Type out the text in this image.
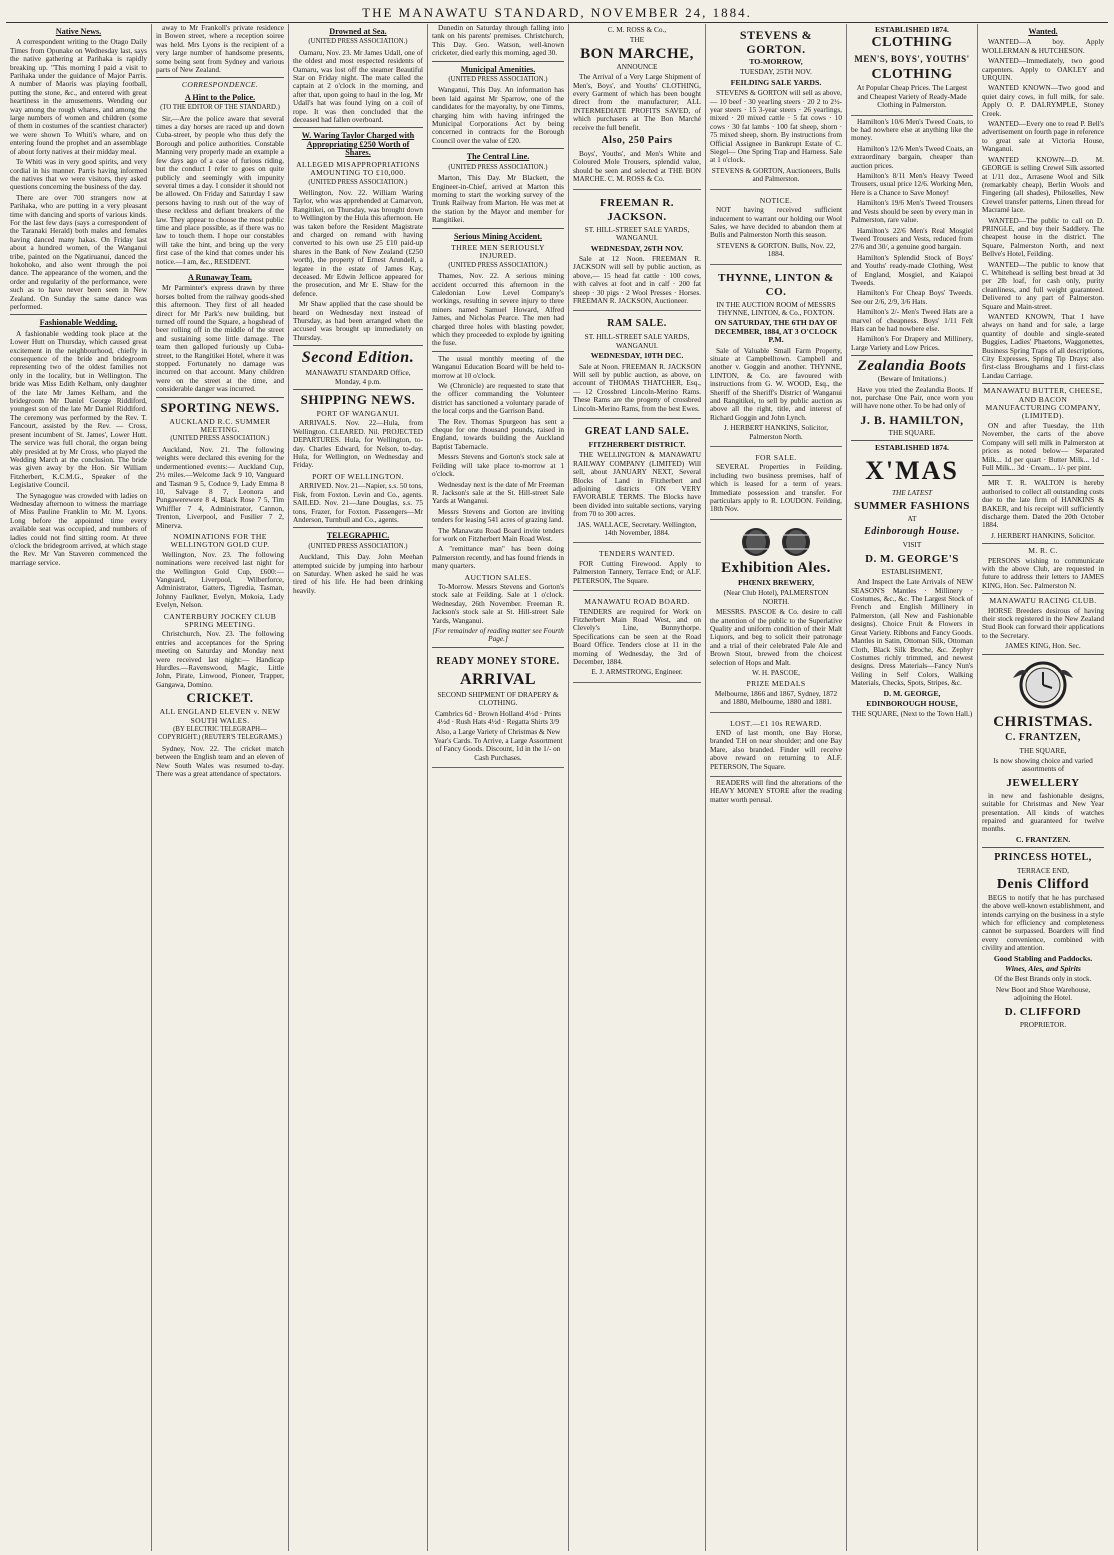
THE MANAWATU STANDARD, NOVEMBER 24, 1884.
Native News.

A correspondent writing to the Otago Daily Times from Opunake on Wednesday last, says the native gathering at Parihaka is rapidly breaking up. "This morning I paid a visit to Parihaka under the guidance of Major Parris. A number of Maoris was playing football, putting the stone, &c., and entered with great heartiness in the amusements. Wending our way among the rough whares, and among the large numbers of women and children (some of them in costumes of the scantiest character) we were shown To Whiti's whare, and on entering found the prophet and an assemblage of about forty natives at their midday meal.

Te Whiti was in very good spirits, and very cordial in his manner. Parris having informed the natives that we were visitors, they asked questions concerning the business of the day.

There are over 700 strangers now at Parihaka, who are putting in a very pleasant time with dancing and sports of various kinds. For the last few days (says a correspondent of the Taranaki Herald) both males and females having danced many hakas. On Friday last about a hundred women, of the Wanganui tribe, painted on the Ngatiruanui, danced the hokohoko, and also went through the poi dance. The appearance of the women, and the order and regularity of the performance, were such as to have never been seen in New Zealand. On Sunday the same dance was performed.

Fashionable Wedding.

A fashionable wedding took place at the Lower Hutt on Thursday, which caused great excitement in the neighbourhood, chiefly in consequence of the bride and bridegroom representing two of the oldest families not only in the locality, but in Wellington. The bride was Miss Edith Kelham, only daughter of the late Mr James Kelham, and the bridegroom Mr Daniel George Riddiford, youngest son of the late Mr Daniel Riddiford. The ceremony was performed by the Rev. T. Fancourt, assisted by the Rev. — Cross, present incumbent of St. James', Lower Hutt. The service was full choral, the organ being ably presided at by Mr Cross, who played the Wedding March at the conclusion. The bride was given away by the Hon. Sir William Fitzherbert, K.C.M.G., Speaker of the Legislative Council.

The Synagogue was crowded with ladies on Wednesday afternoon to witness the marriage of Miss Pauline Franklin to Mr. M. Lyons. Long before the appointed time every available seat was occupied, and numbers of ladies could not find sitting room. At three o'clock the bridegroom arrived, at which stage the Rev. Mr Van Staveren commenced the marriage service.

away to Mr Frankoll's private residence in Bowen street, where a reception soiree was held. Mrs Lyons is the recipient of a very large number of handsome presents, some being sent from Sydney and various parts of New Zealand.

CORRESPONDENCE.
A Hint to the Police.
(TO THE EDITOR OF THE STANDARD.)

Sir,—Are the police aware that several times a day horses are raced up and down Cuba-street, by people who thus defy the Borough and police authorities. Constable Manning very properly made an example a few days ago of a case of furious riding, but the conduct I refer to goes on quite publicly and seemingly with impunity several times a day. I consider it should not be allowed. On Friday and Saturday I saw persons having to rush out of the way of these reckless and defiant breakers of the law. They appear to choose the most public time and place possible, as if there was no law to touch them. I hope our constables will take the hint, and bring up the very first case of the kind that comes under his notice.—I am, &c., RESIDENT.

A Runaway Team.

Mr Parminter's express drawn by three horses bolted from the railway goods-shed this afternoon. They first of all headed direct for Mr Park's new building, but turned off round the Square, a hogshead of beer rolling off in the middle of the street and sustaining some little damage. The team then galloped furiously up Cuba-street, to the Rangitikei Hotel, where it was stopped. Fortunately no damage was incurred on that account. Many children were on the street at the time, and considerable danger was incurred.

SPORTING NEWS.
AUCKLAND R.C. SUMMER MEETING.
(UNITED PRESS ASSOCIATION.)

Auckland, Nov. 21. The following weights were declared this evening for the undermentioned events:— Auckland Cup, 2½ miles.—Welcome Jack 9 10, Vanguard and Tasman 9 5, Coduce 9, Lady Emma 8 10, Salvage 8 7, Leonora and Pungawerewere 8 4, Black Rose 7 5, Tim Whiffler 7 4, Administrator, Cannon, Trenton, Liverpool, and Fusilier 7 2, Minerva.

NOMINATIONS FOR THE WELLINGTON GOLD CUP.

Wellington, Nov. 23. The following nominations were received last night for the Wellington Gold Cup, £600:—Vanguard, Liverpool, Wilberforce, Administrator, Gatters, Tigredia, Tasman, Johnny Faulkner, Evelyn, Mokoia, Lady Evelyn, Nelson.

CANTERBURY JOCKEY CLUB SPRING MEETING.

Christchurch, Nov. 23. The following entries and acceptances for the Spring meeting on Saturday and Monday next were received last night:— Handicap Hurdles.—Ravenswood, Magic, Little John, Pirate, Linwood, Pioneer, Trapper, Gangawa, Domino.

CRICKET.
ALL ENGLAND ELEVEN v. NEW SOUTH WALES.
(BY ELECTRIC TELEGRAPH—COPYRIGHT.) (REUTER'S TELEGRAMS.)

Sydney, Nov. 22. The cricket match between the English team and an eleven of New South Wales was resumed to-day. There was a great attendance of spectators.

Drowned at Sea.
(UNITED PRESS ASSOCIATION.)

Oamaru, Nov. 23. Mr James Udall, one of the oldest and most respected residents of Oamaru, was lost off the steamer Beautiful Star on Friday night. The mate called the captain at 2 o'clock in the morning, and after that, upon going to haul in the log, Mr Udall's hat was found lying on a coil of rope. It was then concluded that the deceased had fallen overboard.

W. Waring Taylor Charged with Appropriating £250 Worth of Shares.
ALLEGED MISAPPROPRIATIONS AMOUNTING TO £10,000.
(UNITED PRESS ASSOCIATION.)

Wellington, Nov. 22. William Waring Taylor, who was apprehended at Carnarvon, Rangitikei, on Thursday, was brought down to Wellington by the Hula this afternoon. He was taken before the Resident Magistrate and charged on remand with having converted to his own use 25 £10 paid-up shares in the Bank of New Zealand (£250 worth), the property of Ernest Arundell, a legatee in the estate of James Kay, deceased. Mr Edwin Jellicoe appeared for the prosecution, and Mr E. Shaw for the defence.

Mr Shaw applied that the case should be heard on Wednesday next instead of Thursday, as had been arranged when the accused was brought up immediately on Thursday.

Second Edition.

MANAWATU STANDARD Office, Monday, 4 p.m.

SHIPPING NEWS.
PORT OF WANGANUI.

ARRIVALS. Nov. 22—Hula, from Wellington. CLEARED. Nil. PROJECTED DEPARTURES. Hula, for Wellington, to-day. Charles Edward, for Nelson, to-day. Hula, for Wellington, on Wednesday and Friday.

PORT OF WELLINGTON.

ARRIVED. Nov. 21—Napier, s.s. 50 tons, Fisk, from Foxton. Levin and Co., agents. SAILED. Nov. 21—Jane Douglas, s.s. 75 tons, Frazer, for Foxton. Passengers—Mr Anderson, Turnbull and Co., agents.

TELEGRAPHIC.
(UNITED PRESS ASSOCIATION.)

Auckland, This Day. John Meehan attempted suicide by jumping into harbour on Saturday. When asked he said he was tired of his life. He had been drinking heavily.

Dunedin on Saturday through falling into tank on his parents' premises. Christchurch, This Day. Geo. Watson, well-known cricketer, died early this morning, aged 30.

Municipal Amenities.
(UNITED PRESS ASSOCIATION.)

Wanganui, This Day. An information has been laid against Mr Sparrow, one of the candidates for the mayoralty, by one Timms, charging him with having infringed the Municipal Corporations Act by being concerned in contracts for the Borough Council over the value of £20.

The Central Line.
(UNITED PRESS ASSOCIATION.)

Marton, This Day. Mr Blackett, the Engineer-in-Chief, arrived at Marton this morning to start the working survey of the Trunk Railway from Marton. He was met at the station by the Mayor and member for Rangitikei.

Serious Mining Accident.
THREE MEN SERIOUSLY INJURED.
(UNITED PRESS ASSOCIATION.)

Thames, Nov. 22. A serious mining accident occurred this afternoon in the Caledonian Low Level Company's workings, resulting in severe injury to three miners named Samuel Howard, Alfred James, and Nicholas Pearce. The men had charged three holes with blasting powder, which they proceeded to explode by igniting the fuse.

The usual monthly meeting of the Wanganui Education Board will be held to-morrow at 10 o'clock.

We (Chronicle) are requested to state that the officer commanding the Volunteer district has sanctioned a voluntary parade of the local corps and the Garrison Band.

The Rev. Thomas Spurgeon has sent a cheque for one thousand pounds, raised in England, towards building the Auckland Baptist Tabernacle.

Messrs Stevens and Gorton's stock sale at Feilding will take place to-morrow at 1 o'clock.

Wednesday next is the date of Mr Freeman R. Jackson's sale at the St. Hill-street Sale Yards at Wanganui.

Messrs Stevens and Gorton are inviting tenders for leasing 541 acres of grazing land.

The Manawatu Road Board invite tenders for work on Fitzherbert Main Road West.

A "remittance man" has been doing Palmerston recently, and has found friends in many quarters.

AUCTION SALES.

To-Morrow. Messrs Stevens and Gorton's stock sale at Feilding. Sale at 1 o'clock. Wednesday, 26th November. Freeman R. Jackson's stock sale at St. Hill-street Sale Yards, Wanganui.

[For remainder of reading matter see Fourth Page.]

READY MONEY STORE.
ARRIVAL

SECOND SHIPMENT OF DRAPERY & CLOTHING.

Cambrics 6d · Brown Holland 4½d · Prints 4½d · Rush Hats 4½d · Regatta Shirts 3/9

Also, a Large Variety of Christmas & New Year's Cards. To Arrive, a Large Assortment of Fancy Goods. Discount, 1d in the 1/- on Cash Purchases.

C. M. ROSS & Co.,

THE

BON MARCHE,

ANNOUNCE

The Arrival of a Very Large Shipment of Men's, Boys', and Youths' CLOTHING, every Garment of which has been bought direct from the manufacturer; ALL INTERMEDIATE PROFITS SAVED, of which purchasers at The Bon Marché receive the full benefit.

Also, 250 Pairs

Boys', Youths', and Men's White and Coloured Mole Trousers, splendid value, should be seen and selected at THE BON MARCHE. C. M. ROSS & Co.

FREEMAN R. JACKSON.

ST. HILL-STREET SALE YARDS, WANGANUI.

WEDNESDAY, 26TH NOV.

Sale at 12 Noon. FREEMAN R. JACKSON will sell by public auction, as above,— 15 head fat cattle · 100 cows, with calves at foot and in calf · 200 fat sheep · 30 pigs · 2 Wool Presses · Horses. FREEMAN R. JACKSON, Auctioneer.

RAM SALE.

ST. HILL-STREET SALE YARDS, WANGANUI.

WEDNESDAY, 10TH DEC.

Sale at Noon. FREEMAN R. JACKSON Will sell by public auction, as above, on account of THOMAS THATCHER, Esq.,— 12 Crossbred Lincoln-Merino Rams. These Rams are the progeny of crossbred Lincoln-Merino Rams, from the best Ewes.

GREAT LAND SALE.

FITZHERBERT DISTRICT.

THE WELLINGTON & MANAWATU RAILWAY COMPANY (LIMITED) Will sell, about JANUARY NEXT, Several Blocks of Land in Fitzherbert and adjoining districts ON VERY FAVORABLE TERMS. The Blocks have been divided into suitable sections, varying from 70 to 300 acres.

JAS. WALLACE, Secretary. Wellington, 14th November, 1884.

TENDERS WANTED.

FOR Cutting Firewood. Apply to Palmerston Tannery, Terrace End; or ALF. PETERSON, The Square.

MANAWATU ROAD BOARD.

TENDERS are required for Work on Fitzherbert Main Road West, and on Clevely's Line, Bunnythorpe. Specifications can be seen at the Road Board Office. Tenders close at 11 in the morning of Wednesday, the 3rd of December, 1884.

E. J. ARMSTRONG, Engineer.

STEVENS & GORTON.

TO-MORROW,

TUESDAY, 25TH NOV.

FEILDING SALE YARDS.

STEVENS & GORTON will sell as above,— 10 beef · 30 yearling steers · 20 2 to 2½-year steers · 15 3-year steers · 26 yearlings, mixed · 20 mixed cattle · 5 fat cows · 10 cows · 30 fat lambs · 100 fat sheep, shorn · 75 mixed sheep, shorn. By instructions from Official Assignee in Bankrupt Estate of C. Siegel— One Spring Trap and Harness. Sale at 1 o'clock.

STEVENS & GORTON, Auctioneers, Bulls and Palmerston.

NOTICE.

NOT having received sufficient inducement to warrant our holding our Wool Sales, we have decided to abandon them at Bulls and Palmerston North this season.

STEVENS & GORTON. Bulls, Nov. 22, 1884.

THYNNE, LINTON & CO.

IN THE AUCTION ROOM of MESSRS THYNNE, LINTON, & Co., FOXTON.

ON SATURDAY, THE 6TH DAY OF DECEMBER, 1884, AT 3 O'CLOCK P.M.

Sale of Valuable Small Farm Property, situate at Campbelltown. Campbell and another v. Goggin and another. THYNNE, LINTON, & Co. are favoured with instructions from G. W. WOOD, Esq., the Sheriff of the Sheriff's District of Wanganui and Rangitikei, to sell by public auction as above all the right, title, and interest of Richard Goggin and John Lynch.

J. HERBERT HANKINS, Solicitor, Palmerston North.

FOR SALE.

SEVERAL Properties in Feilding, including two business premises, half of which is leased for a term of years. Immediate possession and transfer. For particulars apply to R. LOUDON. Feilding, 18th Nov.

Exhibition Ales.

PHŒNIX BREWERY,

(Near Club Hotel), PALMERSTON NORTH.

MESSRS. PASCOE & Co. desire to call the attention of the public to the Superlative Quality and uniform condition of their Malt Liquors, and beg to solicit their patronage and a trial of their celebrated Pale Ale and Brown Stout, brewed from the choicest selection of Hops and Malt.

W. H. PASCOE,

PRIZE MEDALS

Melbourne, 1866 and 1867, Sydney, 1872 and 1880, Melbourne, 1880 and 1881.

LOST.—£1 10s REWARD.

END of last month, one Bay Horse, branded T.H on near shoulder; and one Bay Mare, also branded. Finder will receive above reward on returning to ALF. PETERSON, The Square.

READERS will find the alterations of the HEAVY MONEY STORE after the reading matter worth perusal.

ESTABLISHED 1874.

CLOTHING
MEN'S, BOYS', YOUTHS'
CLOTHING

At Popular Cheap Prices. The Largest and Cheapest Variety of Ready-Made Clothing in Palmerston.

Hamilton's 10/6 Men's Tweed Coats, to be had nowhere else at anything like the money.

Hamilton's 12/6 Men's Tweed Coats, an extraordinary bargain, cheaper than auction prices.

Hamilton's 8/11 Men's Heavy Tweed Trousers, usual price 12/6. Working Men, Here is a Chance to Save Money!

Hamilton's 19/6 Men's Tweed Trousers and Vests should be seen by every man in Palmerston, rare value.

Hamilton's 22/6 Men's Real Mosgiel Tweed Trousers and Vests, reduced from 27/6 and 30/, a genuine good bargain.

Hamilton's Splendid Stock of Boys' and Youths' ready-made Clothing, West of England, Mosgiel, and Kaiapoi Tweeds.

Hamilton's For Cheap Boys' Tweeds. See our 2/6, 2/9, 3/6 Hats.

Hamilton's 2/- Men's Tweed Hats are a marvel of cheapness. Boys' 1/11 Felt Hats can be had nowhere else.

Hamilton's For Drapery and Millinery, Large Variety and Low Prices.

Zealandia Boots

(Beware of Imitations.)

Have you tried the Zealandia Boots. If not, purchase One Pair, once worn you will have none other. To be had only of

J. B. HAMILTON,

THE SQUARE.

ESTABLISHED 1874.

X'MAS

THE LATEST

SUMMER FASHIONS

AT

Edinborough House.

VISIT

D. M. GEORGE'S

ESTABLISHMENT,

And Inspect the Late Arrivals of NEW SEASON'S Mantles · Millinery · Costumes, &c., &c. The Largest Stock of French and English Millinery in Palmerston, (all New and Fashionable designs). Choice Fruit & Flowers in Great Variety. Ribbons and Fancy Goods. Mantles in Satin, Ottoman Silk, Ottoman Cloth, Black Silk Broche, &c. Zephyr Costumes richly trimmed, and newest designs. Dress Materials—Fancy Nun's Veiling in Self Colors, Walking Materials, Checks, Spots, Stripes, &c.

D. M. GEORGE,

EDINBOROUGH HOUSE,

THE SQUARE, (Next to the Town Hall.)

Wanted.

WANTED—A boy. Apply WOLLERMAN & HUTCHESON.

WANTED—Immediately, two good carpenters. Apply to OAKLEY and URQUIN.

WANTED KNOWN—Two good and quiet dairy cows, in full milk, for sale. Apply O. P. DALRYMPLE, Stoney Creek.

WANTED—Every one to read P. Bell's advertisement on fourth page in reference to great sale at Victoria House, Wanganui.

WANTED KNOWN—D. M. GEORGE is selling Crewel Silk assorted at 1/11 doz., Arrasene Wool and Silk (remarkably cheap), Berlin Wools and Fingering (all shades), Philoselles, New Crewel transfer patterns, Linen thread for Macramé lace.

WANTED—The public to call on D. PRINGLE, and buy their Saddlery. The cheapest house in the district. The Square, Palmerston North, and next Bellve's Hotel, Feilding.

WANTED—The public to know that C. Whitehead is selling best bread at 3d per 2lb loaf, for cash only, purity cleanliness, and full weight guaranteed. Delivered to any part of Palmerston. Square and Main-street.

WANTED KNOWN, That I have always on hand and for sale, a large quantity of double and single-seated Buggies, Ladies' Phaetons, Waggonettes, Business Spring Traps of all descriptions, City Expresses, Spring Tip Drays; also first-class Broughams and 1 first-class Landau Carriage.

MANAWATU BUTTER, CHEESE, AND BACON MANUFACTURING COMPANY, (LIMITED).

ON and after Tuesday, the 11th November, the carts of the above Company will sell milk in Palmerston at prices as noted below— Separated Milk... 1d per quart · Butter Milk... 1d · Full Milk... 3d · Cream... 1/- per pint.

MR T. R. WALTON is hereby authorised to collect all outstanding costs due to the late firm of HANKINS & BAKER, and his receipt will sufficiently discharge them. Dated the 20th October 1884.

J. HERBERT HANKINS, Solicitor.

M. R. C.

PERSONS wishing to communicate with the above Club, are requested in future to address their letters to JAMES KING, Hon. Sec. Palmerston N.

MANAWATU RACING CLUB.

HORSE Breeders desirous of having their stock registered in the New Zealand Stud Book can forward their applications to the Secretary.

JAMES KING, Hon. Sec.

CHRISTMAS.
C. FRANTZEN,

THE SQUARE,

Is now showing choice and varied assortments of

JEWELLERY

in new and fashionable designs, suitable for Christmas and New Year presentation. All kinds of watches repaired and guaranteed for twelve months.

C. FRANTZEN.

PRINCESS HOTEL,

TERRACE END,

Denis Clifford

BEGS to notify that he has purchased the above well-known establishment, and intends carrying on the business in a style which for efficiency and completeness cannot be surpassed. Boarders will find every convenience, combined with civility and attention.

Good Stabling and Paddocks.

Wines, Ales, and Spirits

Of the Best Brands only in stock.

New Boot and Shoe Warehouse, adjoining the Hotel.

D. CLIFFORD

PROPRIETOR.
